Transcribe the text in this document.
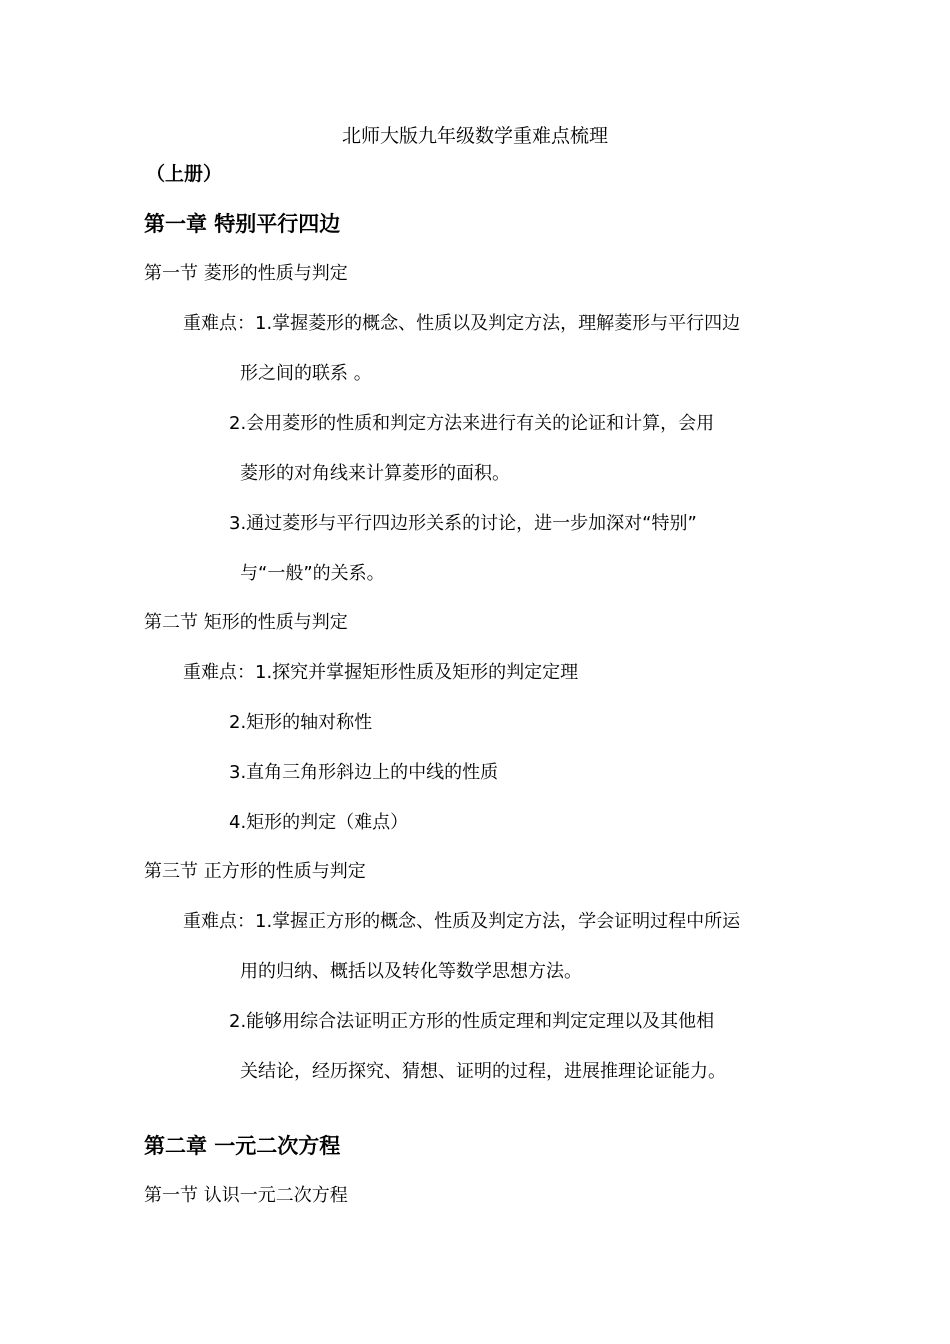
北师大版九年级数学重难点梳理
（上册）
第一章 特别平行四边
第一节 菱形的性质与判定
重难点：1.掌握菱形的概念、性质以及判定方法，理解菱形与平行四边
形之间的联系 。
2.会用菱形的性质和判定方法来进行有关的论证和计算，会用
菱形的对角线来计算菱形的面积。
3.通过菱形与平行四边形关系的讨论，进一步加深对“特别”
与“一般”的关系。
第二节 矩形的性质与判定
重难点：1.探究并掌握矩形性质及矩形的判定定理
2.矩形的轴对称性
3.直角三角形斜边上的中线的性质
4.矩形的判定（难点）
第三节 正方形的性质与判定
重难点：1.掌握正方形的概念、性质及判定方法，学会证明过程中所运
用的归纳、概括以及转化等数学思想方法。
2.能够用综合法证明正方形的性质定理和判定定理以及其他相
关结论，经历探究、猜想、证明的过程，进展推理论证能力。
第二章 一元二次方程
第一节 认识一元二次方程
